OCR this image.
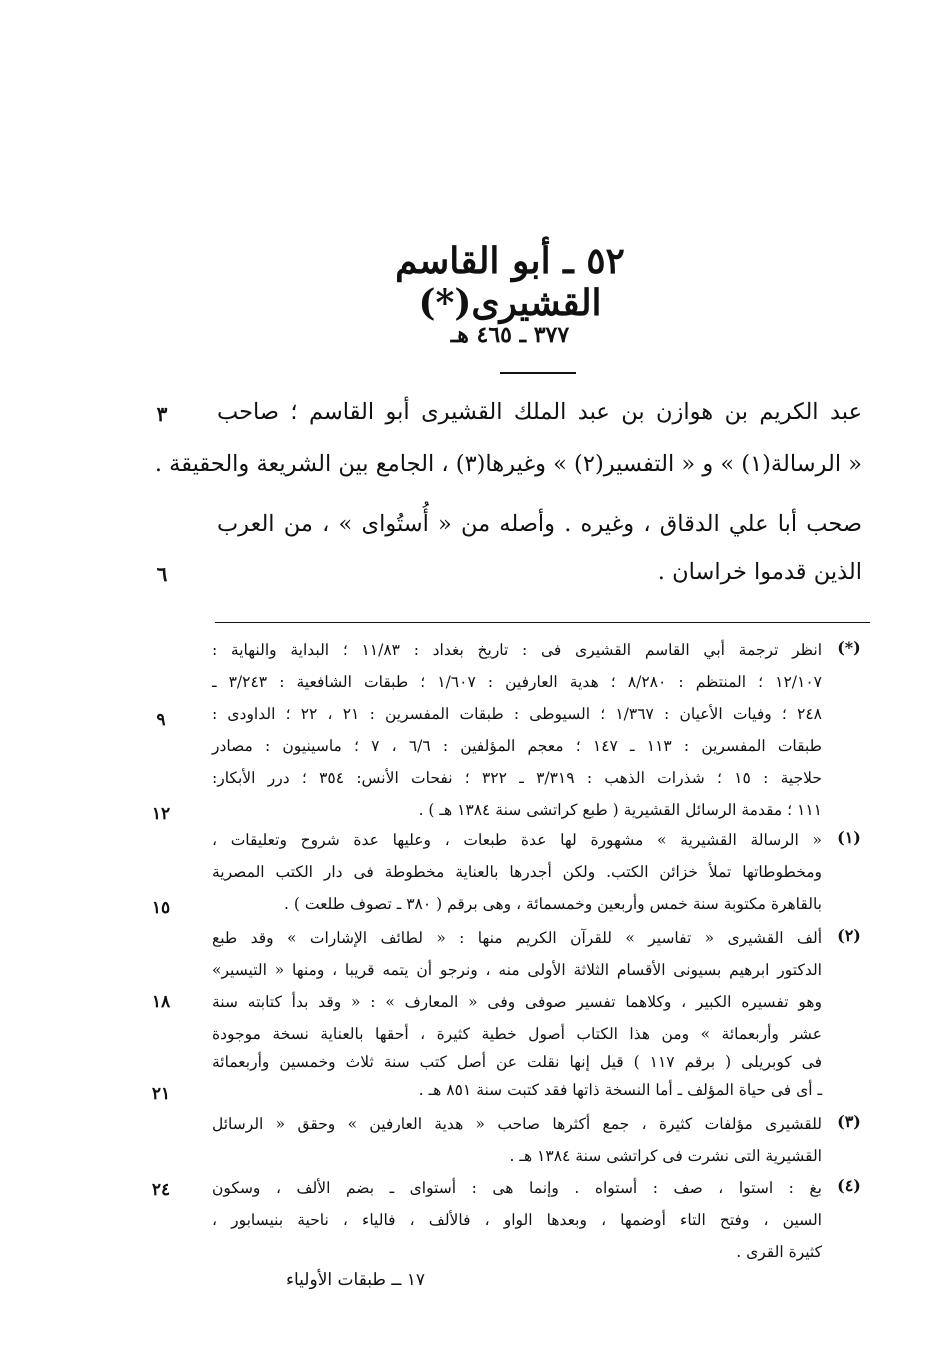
٥٢ ـ أبو القاسم القشيرى(*)
٣٧٧ ـ ٤٦٥ هـ
عبد الكريم بن هوازن بن عبد الملك القشيرى أبو القاسم ؛ صاحب
« الرسالة(١) » و « التفسير(٢) » وغيرها(٣) ، الجامع بين الشريعة والحقيقة .
صحب أبا علي الدقاق ، وغيره . وأصله من « أُستُواى » ، من العرب
الذين قدموا خراسان .
٣
٦
(*)
(١)
(٢)
(٣)
(٤)
انظر ترجمة أبي القاسم القشيرى فى : تاريخ بغداد : ١١/٨٣ ؛ البداية والنهاية :
١٢/١٠٧ ؛ المنتظم : ٨/٢٨٠ ؛ هدية العارفين : ١/٦٠٧ ؛ طبقات الشافعية : ٣/٢٤٣ ـ
٢٤٨ ؛ وفيات الأعيان : ١/٣٦٧ ؛ السيوطى : طبقات المفسرين : ٢١ ، ٢٢ ؛ الداودى :
طبقات المفسرين : ١١٣ ـ ١٤٧ ؛ معجم المؤلفين : ٦/٦ ، ٧ ؛ ماسينيون : مصادر
حلاجية : ١٥ ؛ شذرات الذهب : ٣/٣١٩ ـ ٣٢٢ ؛ نفحات الأنس: ٣٥٤ ؛ درر الأبكار:
١١١ ؛ مقدمة الرسائل القشيرية ( طبع كراتشى سنة ١٣٨٤ هـ ) .
« الرسالة القشيرية » مشهورة لها عدة طبعات ، وعليها عدة شروح وتعليقات ،
ومخطوطاتها تملأ خزائن الكتب. ولكن أجدرها بالعناية مخطوطة فى دار الكتب المصرية
بالقاهرة مكتوبة سنة خمس وأربعين وخمسمائة ، وهى برقم ( ٣٨٠ ـ تصوف طلعت ) .
ألف القشيرى « تفاسير » للقرآن الكريم منها : « لطائف الإشارات » وقد طبع
الدكتور ابرهيم بسيونى الأقسام الثلاثة الأولى منه ، ونرجو أن يتمه قريبا ، ومنها « التيسير»
وهو تفسيره الكبير ، وكلاهما تفسير صوفى وفى « المعارف » : « وقد بدأ كتابته سنة
عشر وأربعمائة » ومن هذا الكتاب أصول خطية كثيرة ، أحقها بالعناية نسخة موجودة
فى كوبريلى ( برقم ١١٧ ) قيل إنها نقلت عن أصل كتب سنة ثلاث وخمسين وأربعمائة
ـ أى فى حياة المؤلف ـ أما النسخة ذاتها فقد كتبت سنة ٨٥١ هـ .
للقشيرى مؤلفات كثيرة ، جمع أكثرها صاحب « هدية العارفين » وحقق « الرسائل
القشيرية التى نشرت فى كراتشى سنة ١٣٨٤ هـ .
بغ : استوا ، صف : أستواه . وإنما هى : أستواى ـ بضم الألف ، وسكون
السين ، وفتح التاء أوضمها ، وبعدها الواو ، فالألف ، فالياء ، ناحية بنيسابور ،
كثيرة القرى .
٩
١٢
١٥
١٨
٢١
٢٤
١٧ ــ طبقات الأولياء
